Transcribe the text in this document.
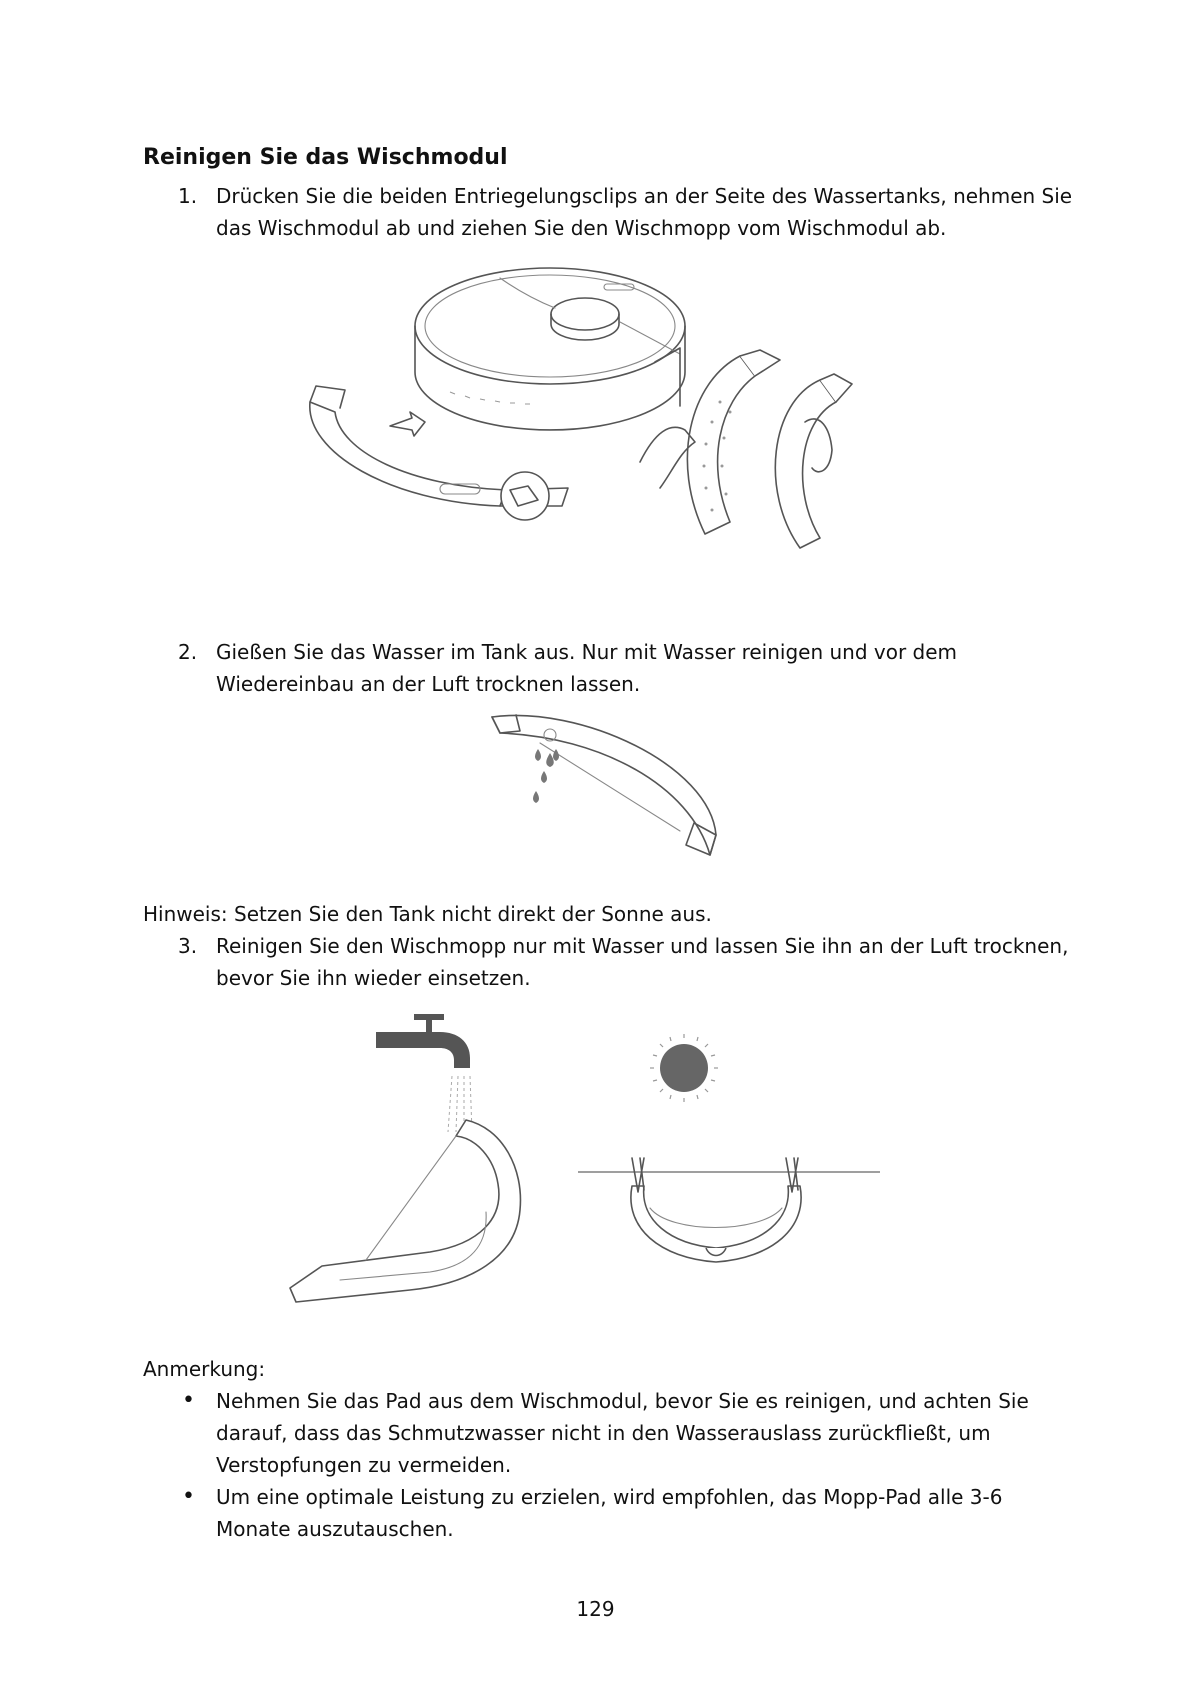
Reinigen Sie das Wischmodul
1. Drücken Sie die beiden Entriegelungsclips an der Seite des Wassertanks, nehmen Sie das Wischmodul ab und ziehen Sie den Wischmopp vom Wischmodul ab.

2. Gießen Sie das Wasser im Tank aus. Nur mit Wasser reinigen und vor dem Wiedereinbau an der Luft trocknen lassen.

Hinweis: Setzen Sie den Tank nicht direkt der Sonne aus.

3. Reinigen Sie den Wischmopp nur mit Wasser und lassen Sie ihn an der Luft trocknen, bevor Sie ihn wieder einsetzen.

Anmerkung:

• Nehmen Sie das Pad aus dem Wischmodul, bevor Sie es reinigen, und achten Sie darauf, dass das Schmutzwasser nicht in den Wasserauslass zurückfließt, um Verstopfungen zu vermeiden.

• Um eine optimale Leistung zu erzielen, wird empfohlen, das Mopp-Pad alle 3-6 Monate auszutauschen.

129
